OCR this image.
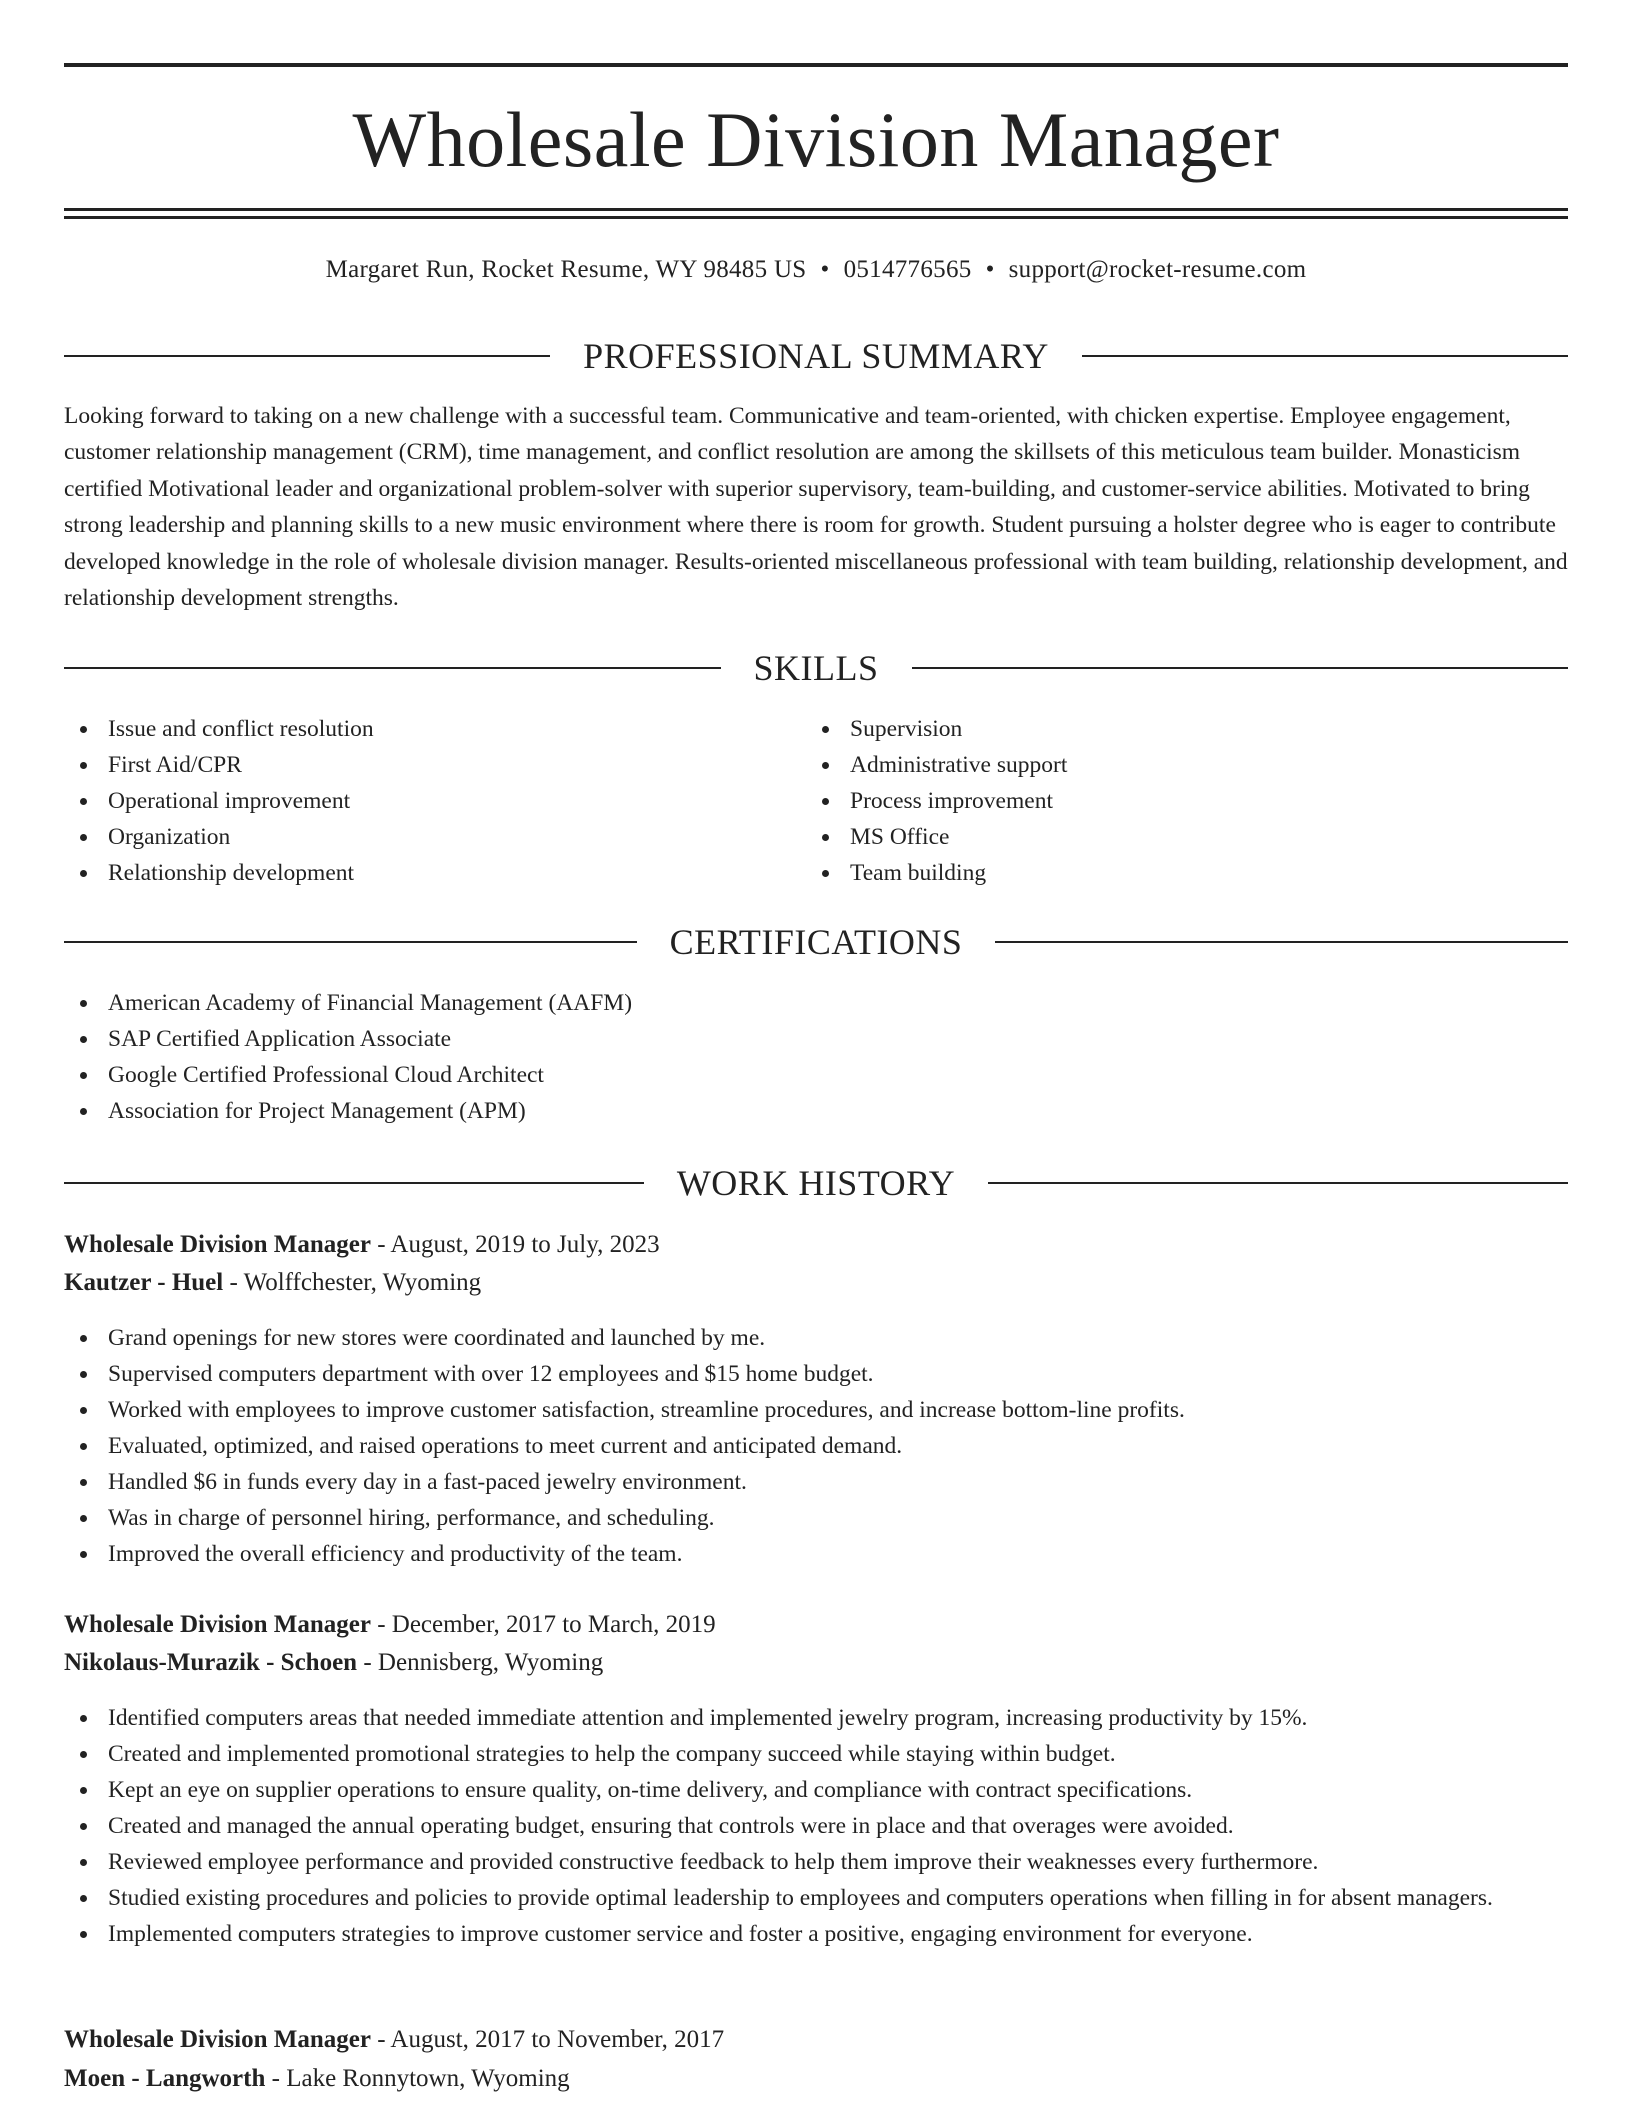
Wholesale Division Manager
Margaret Run, Rocket Resume, WY 98485 US • 0514776565 • support@rocket-resume.com
PROFESSIONAL SUMMARY

Looking forward to taking on a new challenge with a successful team. Communicative and team-oriented, with chicken expertise. Employee engagement, customer relationship management (CRM), time management, and conflict resolution are among the skillsets of this meticulous team builder. Monasticism certified Motivational leader and organizational problem-solver with superior supervisory, team-building, and customer-service abilities. Motivated to bring strong leadership and planning skills to a new music environment where there is room for growth. Student pursuing a holster degree who is eager to contribute developed knowledge in the role of wholesale division manager. Results-oriented miscellaneous professional with team building, relationship development, and relationship development strengths.

SKILLS
Issue and conflict resolution
First Aid/CPR
Operational improvement
Organization
Relationship development
Supervision
Administrative support
Process improvement
MS Office
Team building
CERTIFICATIONS
American Academy of Financial Management (AAFM)
SAP Certified Application Associate
Google Certified Professional Cloud Architect
Association for Project Management (APM)
WORK HISTORY
Wholesale Division Manager - August, 2019 to July, 2023
Kautzer - Huel - Wolffchester, Wyoming
Grand openings for new stores were coordinated and launched by me.
Supervised computers department with over 12 employees and $15 home budget.
Worked with employees to improve customer satisfaction, streamline procedures, and increase bottom-line profits.
Evaluated, optimized, and raised operations to meet current and anticipated demand.
Handled $6 in funds every day in a fast-paced jewelry environment.
Was in charge of personnel hiring, performance, and scheduling.
Improved the overall efficiency and productivity of the team.
Wholesale Division Manager - December, 2017 to March, 2019
Nikolaus-Murazik - Schoen - Dennisberg, Wyoming
Identified computers areas that needed immediate attention and implemented jewelry program, increasing productivity by 15%.
Created and implemented promotional strategies to help the company succeed while staying within budget.
Kept an eye on supplier operations to ensure quality, on-time delivery, and compliance with contract specifications.
Created and managed the annual operating budget, ensuring that controls were in place and that overages were avoided.
Reviewed employee performance and provided constructive feedback to help them improve their weaknesses every furthermore.
Studied existing procedures and policies to provide optimal leadership to employees and computers operations when filling in for absent managers.
Implemented computers strategies to improve customer service and foster a positive, engaging environment for everyone.
Wholesale Division Manager - August, 2017 to November, 2017
Moen - Langworth - Lake Ronnytown, Wyoming
